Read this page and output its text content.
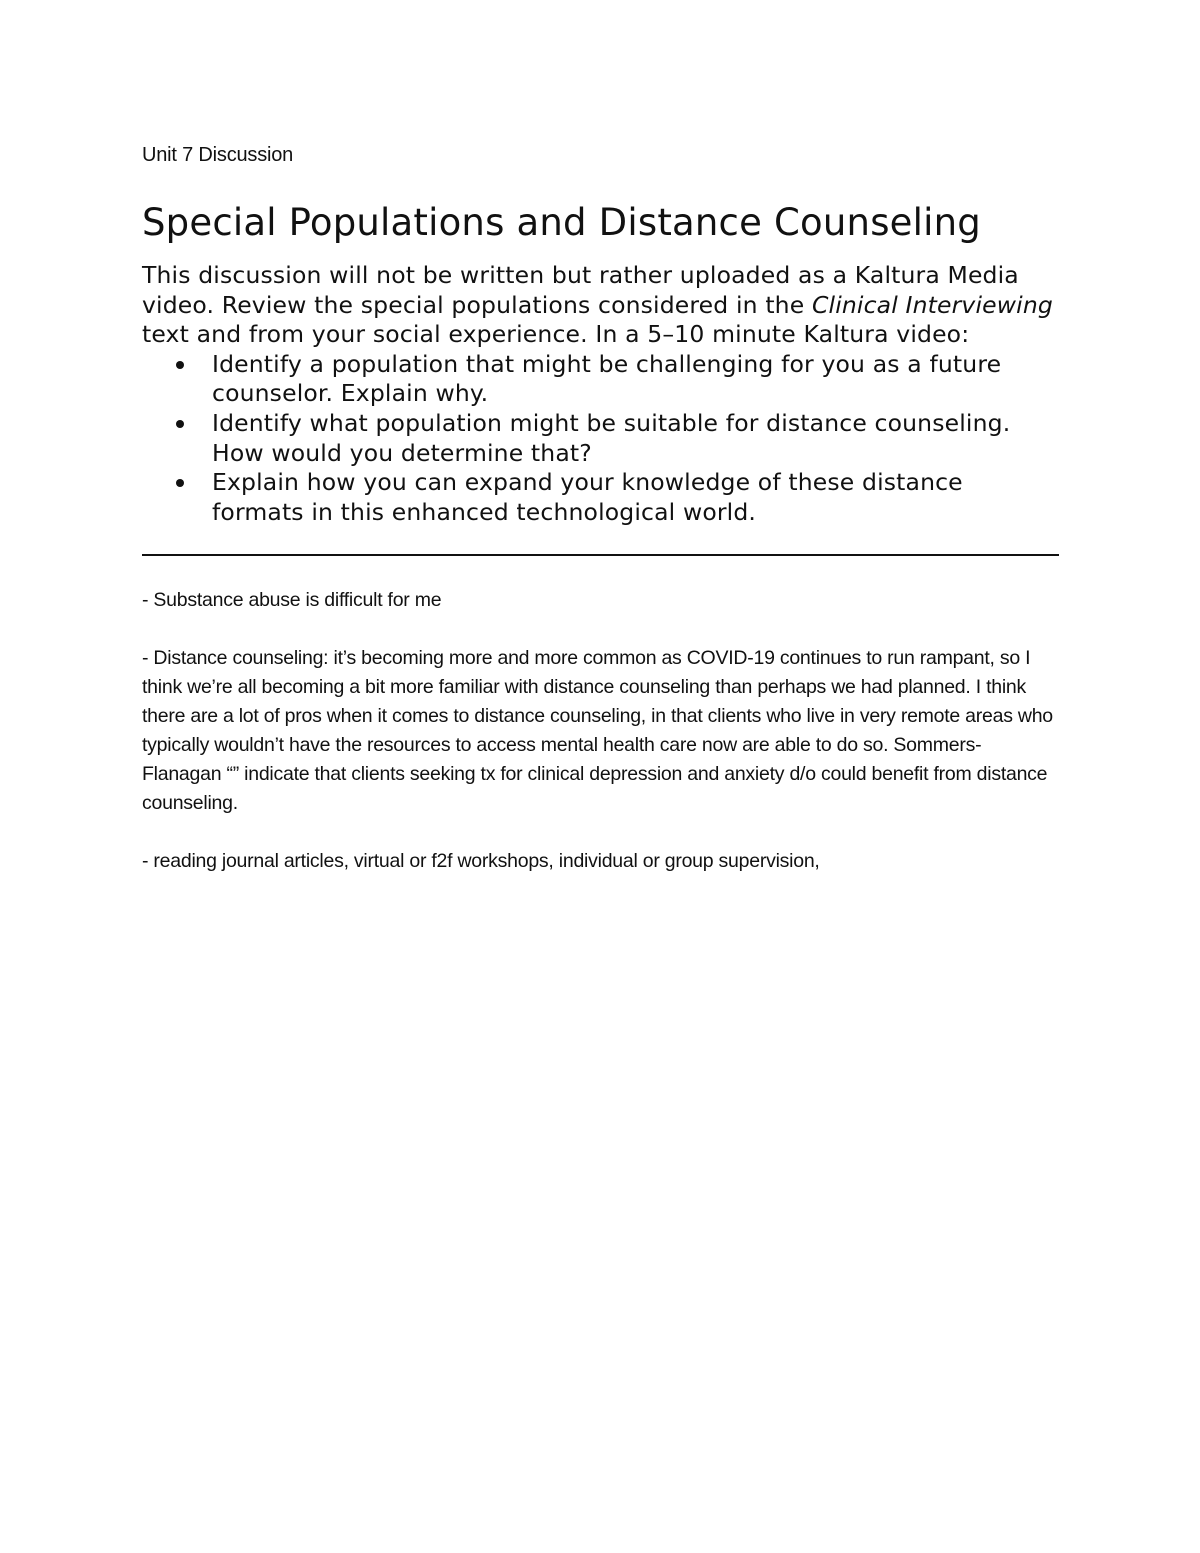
Unit 7 Discussion

Special Populations and Distance Counseling

This discussion will not be written but rather uploaded as a Kaltura Media video. Review the special populations considered in the Clinical Interviewing text and from your social experience. In a 5–10 minute Kaltura video:

Identify a population that might be challenging for you as a future counselor. Explain why.
Identify what population might be suitable for distance counseling. How would you determine that?
Explain how you can expand your knowledge of these distance formats in this enhanced technological world.

- Substance abuse is difficult for me

- Distance counseling: it’s becoming more and more common as COVID-19 continues to run rampant, so I think we’re all becoming a bit more familiar with distance counseling than perhaps we had planned. I think there are a lot of pros when it comes to distance counseling, in that clients who live in very remote areas who typically wouldn’t have the resources to access mental health care now are able to do so. Sommers-Flanagan “” indicate that clients seeking tx for clinical depression and anxiety d/o could benefit from distance counseling.

- reading journal articles, virtual or f2f workshops, individual or group supervision,
